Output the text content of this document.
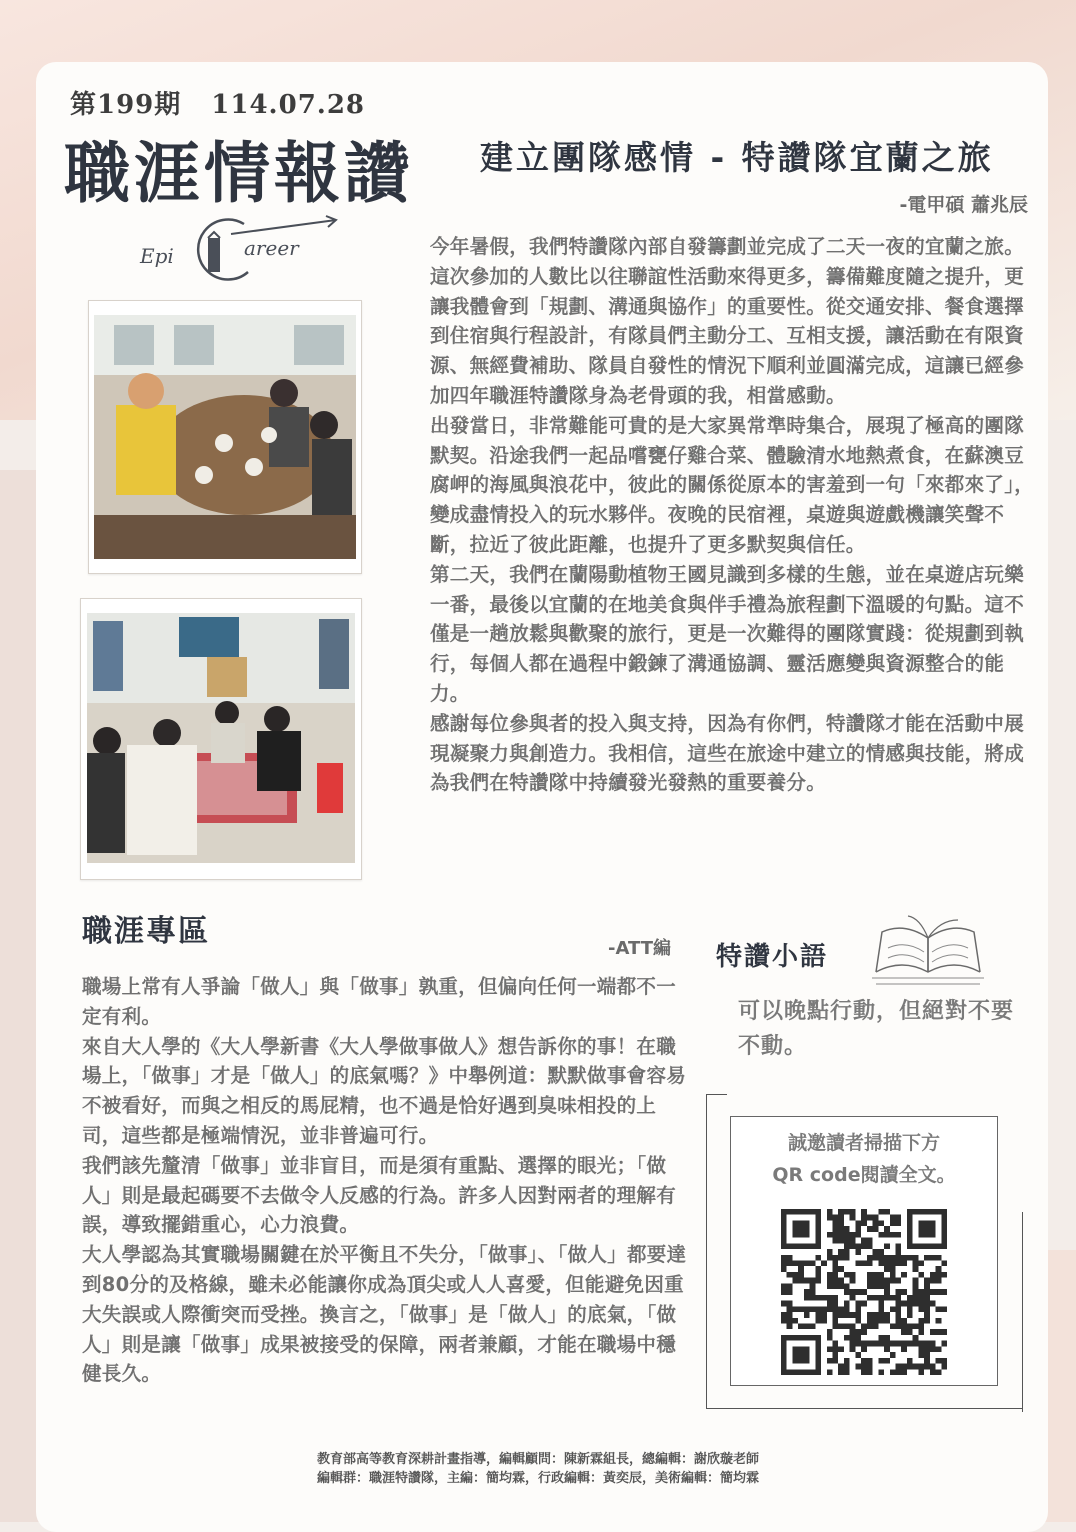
第199期 114.07.28
職涯情報讚
Epi	areer
建立團隊感情 - 特讚隊宜蘭之旅
-電甲碩 蕭兆辰

今年暑假，我們特讚隊內部自發籌劃並完成了二天一夜的宜蘭之旅。這次參加的人數比以往聯誼性活動來得更多，籌備難度隨之提升，更讓我體會到「規劃、溝通與協作」的重要性。從交通安排、餐食選擇到住宿與行程設計，有隊員們主動分工、互相支援，讓活動在有限資源、無經費補助、隊員自發性的情況下順利並圓滿完成，這讓已經參加四年職涯特讚隊身為老骨頭的我，相當感動。

出發當日，非常難能可貴的是大家異常準時集合，展現了極高的團隊默契。沿途我們一起品嚐甕仔雞合菜、體驗清水地熱煮食，在蘇澳豆腐岬的海風與浪花中，彼此的關係從原本的害羞到一句「來都來了」，變成盡情投入的玩水夥伴。夜晚的民宿裡，桌遊與遊戲機讓笑聲不斷，拉近了彼此距離，也提升了更多默契與信任。

第二天，我們在蘭陽動植物王國見識到多樣的生態，並在桌遊店玩樂一番，最後以宜蘭的在地美食與伴手禮為旅程劃下溫暖的句點。這不僅是一趟放鬆與歡聚的旅行，更是一次難得的團隊實踐：從規劃到執行，每個人都在過程中鍛鍊了溝通協調、靈活應變與資源整合的能力。

感謝每位參與者的投入與支持，因為有你們，特讚隊才能在活動中展現凝聚力與創造力。我相信，這些在旅途中建立的情感與技能，將成為我們在特讚隊中持續發光發熱的重要養分。

職涯專區	-ATT編

職場上常有人爭論「做人」與「做事」孰重，但偏向任何一端都不一定有利。

來自大人學的《大人學新書《大人學做事做人》想告訴你的事！在職場上，「做事」才是「做人」的底氣嗎？》中舉例道：默默做事會容易不被看好，而與之相反的馬屁精，也不過是恰好遇到臭味相投的上司，這些都是極端情況，並非普遍可行。

我們該先釐清「做事」並非盲目，而是須有重點、選擇的眼光；「做人」則是最起碼要不去做令人反感的行為。許多人因對兩者的理解有誤，導致擺錯重心，心力浪費。

大人學認為其實職場關鍵在於平衡且不失分，「做事」、「做人」都要達到80分的及格線，雖未必能讓你成為頂尖或人人喜愛，但能避免因重大失誤或人際衝突而受挫。換言之，「做事」是「做人」的底氣，「做人」則是讓「做事」成果被接受的保障，兩者兼顧，才能在職場中穩健長久。

特讚小語
可以晚點行動，但絕對不要不動。
誠邀讀者掃描下方
QR code閱讀全文。
教育部高等教育深耕計畫指導，編輯顧問：陳新霖組長，總編輯：謝欣璇老師
編輯群：職涯特讚隊，主編：簡均霖，行政編輯：黃奕辰，美術編輯：簡均霖
